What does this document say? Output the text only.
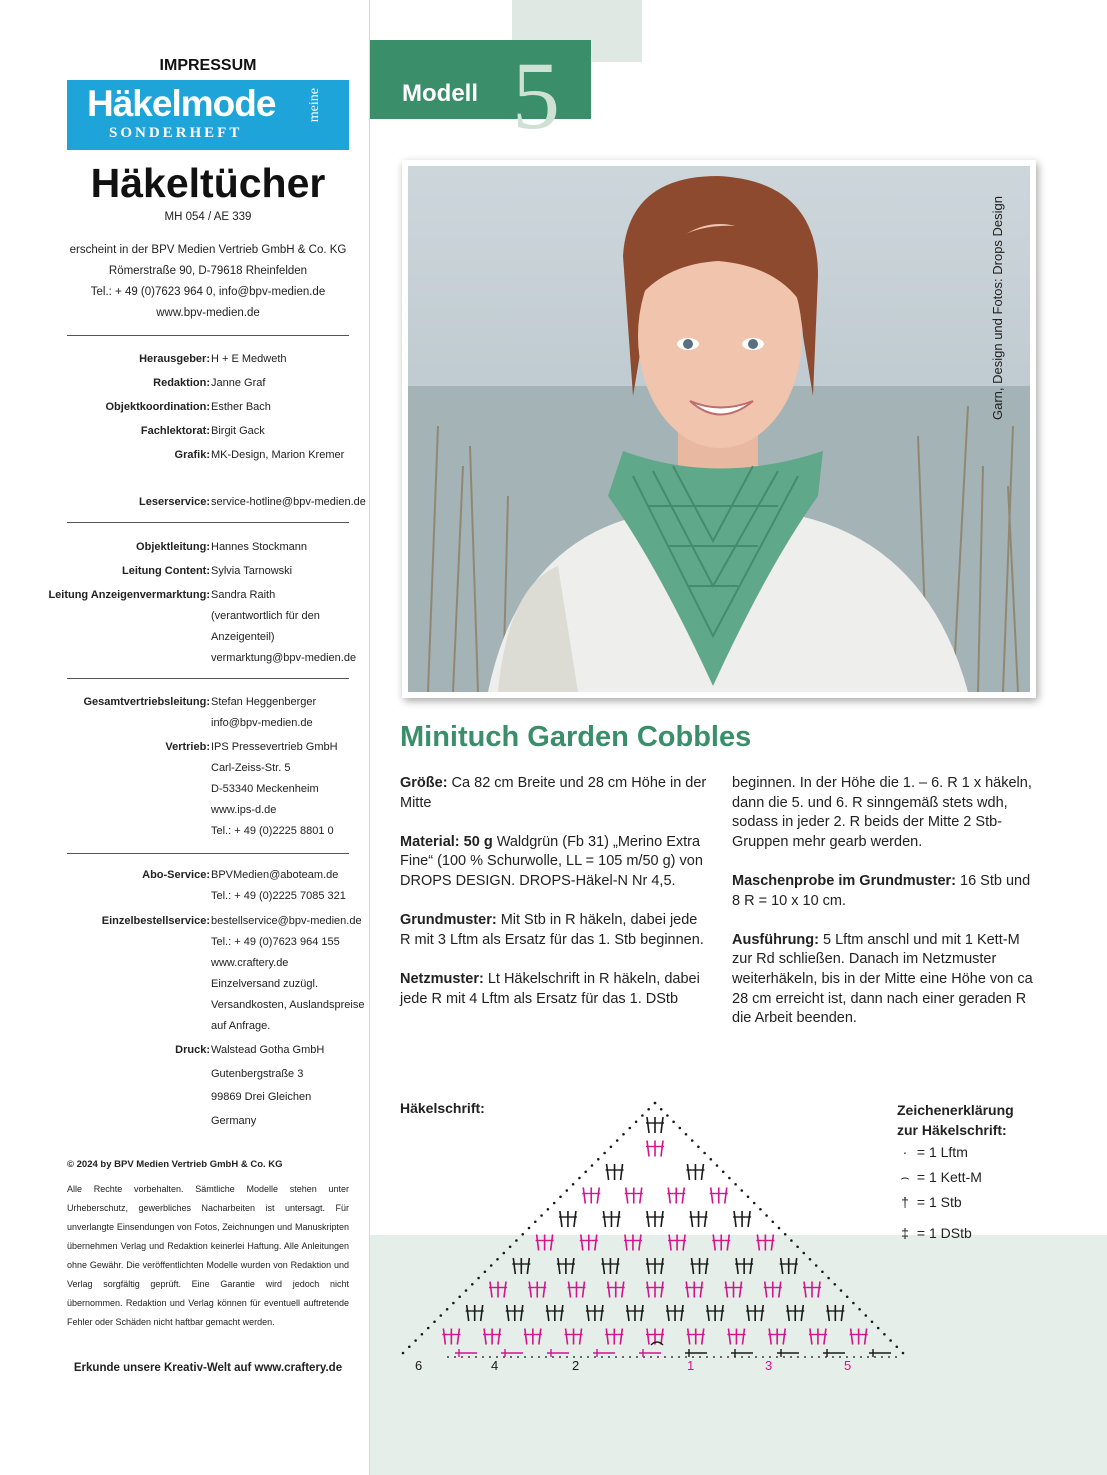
IMPRESSUM
Häkelmode
SONDERHEFT
meine
Häkeltücher
MH 054 / AE 339
erscheint in der BPV Medien Vertrieb GmbH & Co. KG
Römerstraße 90, D-79618 Rheinfelden
Tel.: + 49 (0)7623 964 0, info@bpv-medien.de
www.bpv-medien.de
Herausgeber: H + E Medweth
Redaktion: Janne Graf
Objektkoordination: Esther Bach
Fachlektorat: Birgit Gack
Grafik: MK-Design, Marion Kremer
Leserservice: service-hotline@bpv-medien.de
Objektleitung: Hannes Stockmann
Leitung Content: Sylvia Tarnowski
Leitung Anzeigenvermarktung: Sandra Raith
(verantwortlich für den
Anzeigenteil)
vermarktung@bpv-medien.de
Gesamtvertriebsleitung: Stefan Heggenberger
info@bpv-medien.de
Vertrieb: IPS Pressevertrieb GmbH
Carl-Zeiss-Str. 5
D-53340 Meckenheim
www.ips-d.de
Tel.: + 49 (0)2225 8801 0
Abo-Service: BPVMedien@aboteam.de
Tel.: + 49 (0)2225 7085 321
Einzelbestellservice: bestellservice@bpv-medien.de
Tel.: + 49 (0)7623 964 155
www.craftery.de
Einzelversand zuzügl.
Versandkosten, Auslandspreise
auf Anfrage.
Druck: Walstead Gotha GmbH
Gutenbergstraße 3
99869 Drei Gleichen
Germany
© 2024 by BPV Medien Vertrieb GmbH & Co. KG
Alle Rechte vorbehalten. Sämtliche Modelle stehen unter Urheberschutz, gewerbliches Nacharbeiten ist untersagt. Für unverlangte Einsendungen von Fotos, Zeichnungen und Manuskripten übernehmen Verlag und Redaktion keinerlei Haftung. Alle Anleitungen ohne Gewähr. Die veröffentlichten Modelle wurden von Redaktion und Verlag sorgfältig geprüft. Eine Garantie wird jedoch nicht übernommen. Redaktion und Verlag können für eventuell auftretende Fehler oder Schäden nicht haftbar gemacht werden.
Erkunde unsere Kreativ-Welt auf www.craftery.de
Modell 5
Garn, Design und Fotos: Drops Design
Minituch Garden Cobbles

Größe: Ca 82 cm Breite und 28 cm Höhe in der Mitte

Material: 50 g Waldgrün (Fb 31) „Merino Extra Fine“ (100 % Schurwolle, LL = 105 m/50 g) von DROPS DESIGN. DROPS-Häkel-N Nr 4,5.

Grundmuster: Mit Stb in R häkeln, dabei jede R mit 3 Lftm als Ersatz für das 1. Stb beginnen.

Netzmuster: Lt Häkelschrift in R häkeln, dabei jede R mit 4 Lftm als Ersatz für das 1. DStb

beginnen. In der Höhe die 1. – 6. R 1 x häkeln, dann die 5. und 6. R sinngemäß stets wdh, sodass in jeder 2. R beids der Mitte 2 Stb-Gruppen mehr gearb werden.

Maschenprobe im Grundmuster: 16 Stb und 8 R = 10 x 10 cm.

Ausführung: 5 Lftm anschl und mit 1 Kett-M zur Rd schließen. Danach im Netzmuster weiterhäkeln, bis in der Mitte eine Höhe von ca 28 cm erreicht ist, dann nach einer geraden R die Arbeit beenden.

Häkelschrift:
6	4	2	1	3	5
Zeichenerklärung
zur Häkelschrift:
· = 1 Lftm
⌢ = 1 Kett-M
† = 1 Stb
‡ = 1 DStb
